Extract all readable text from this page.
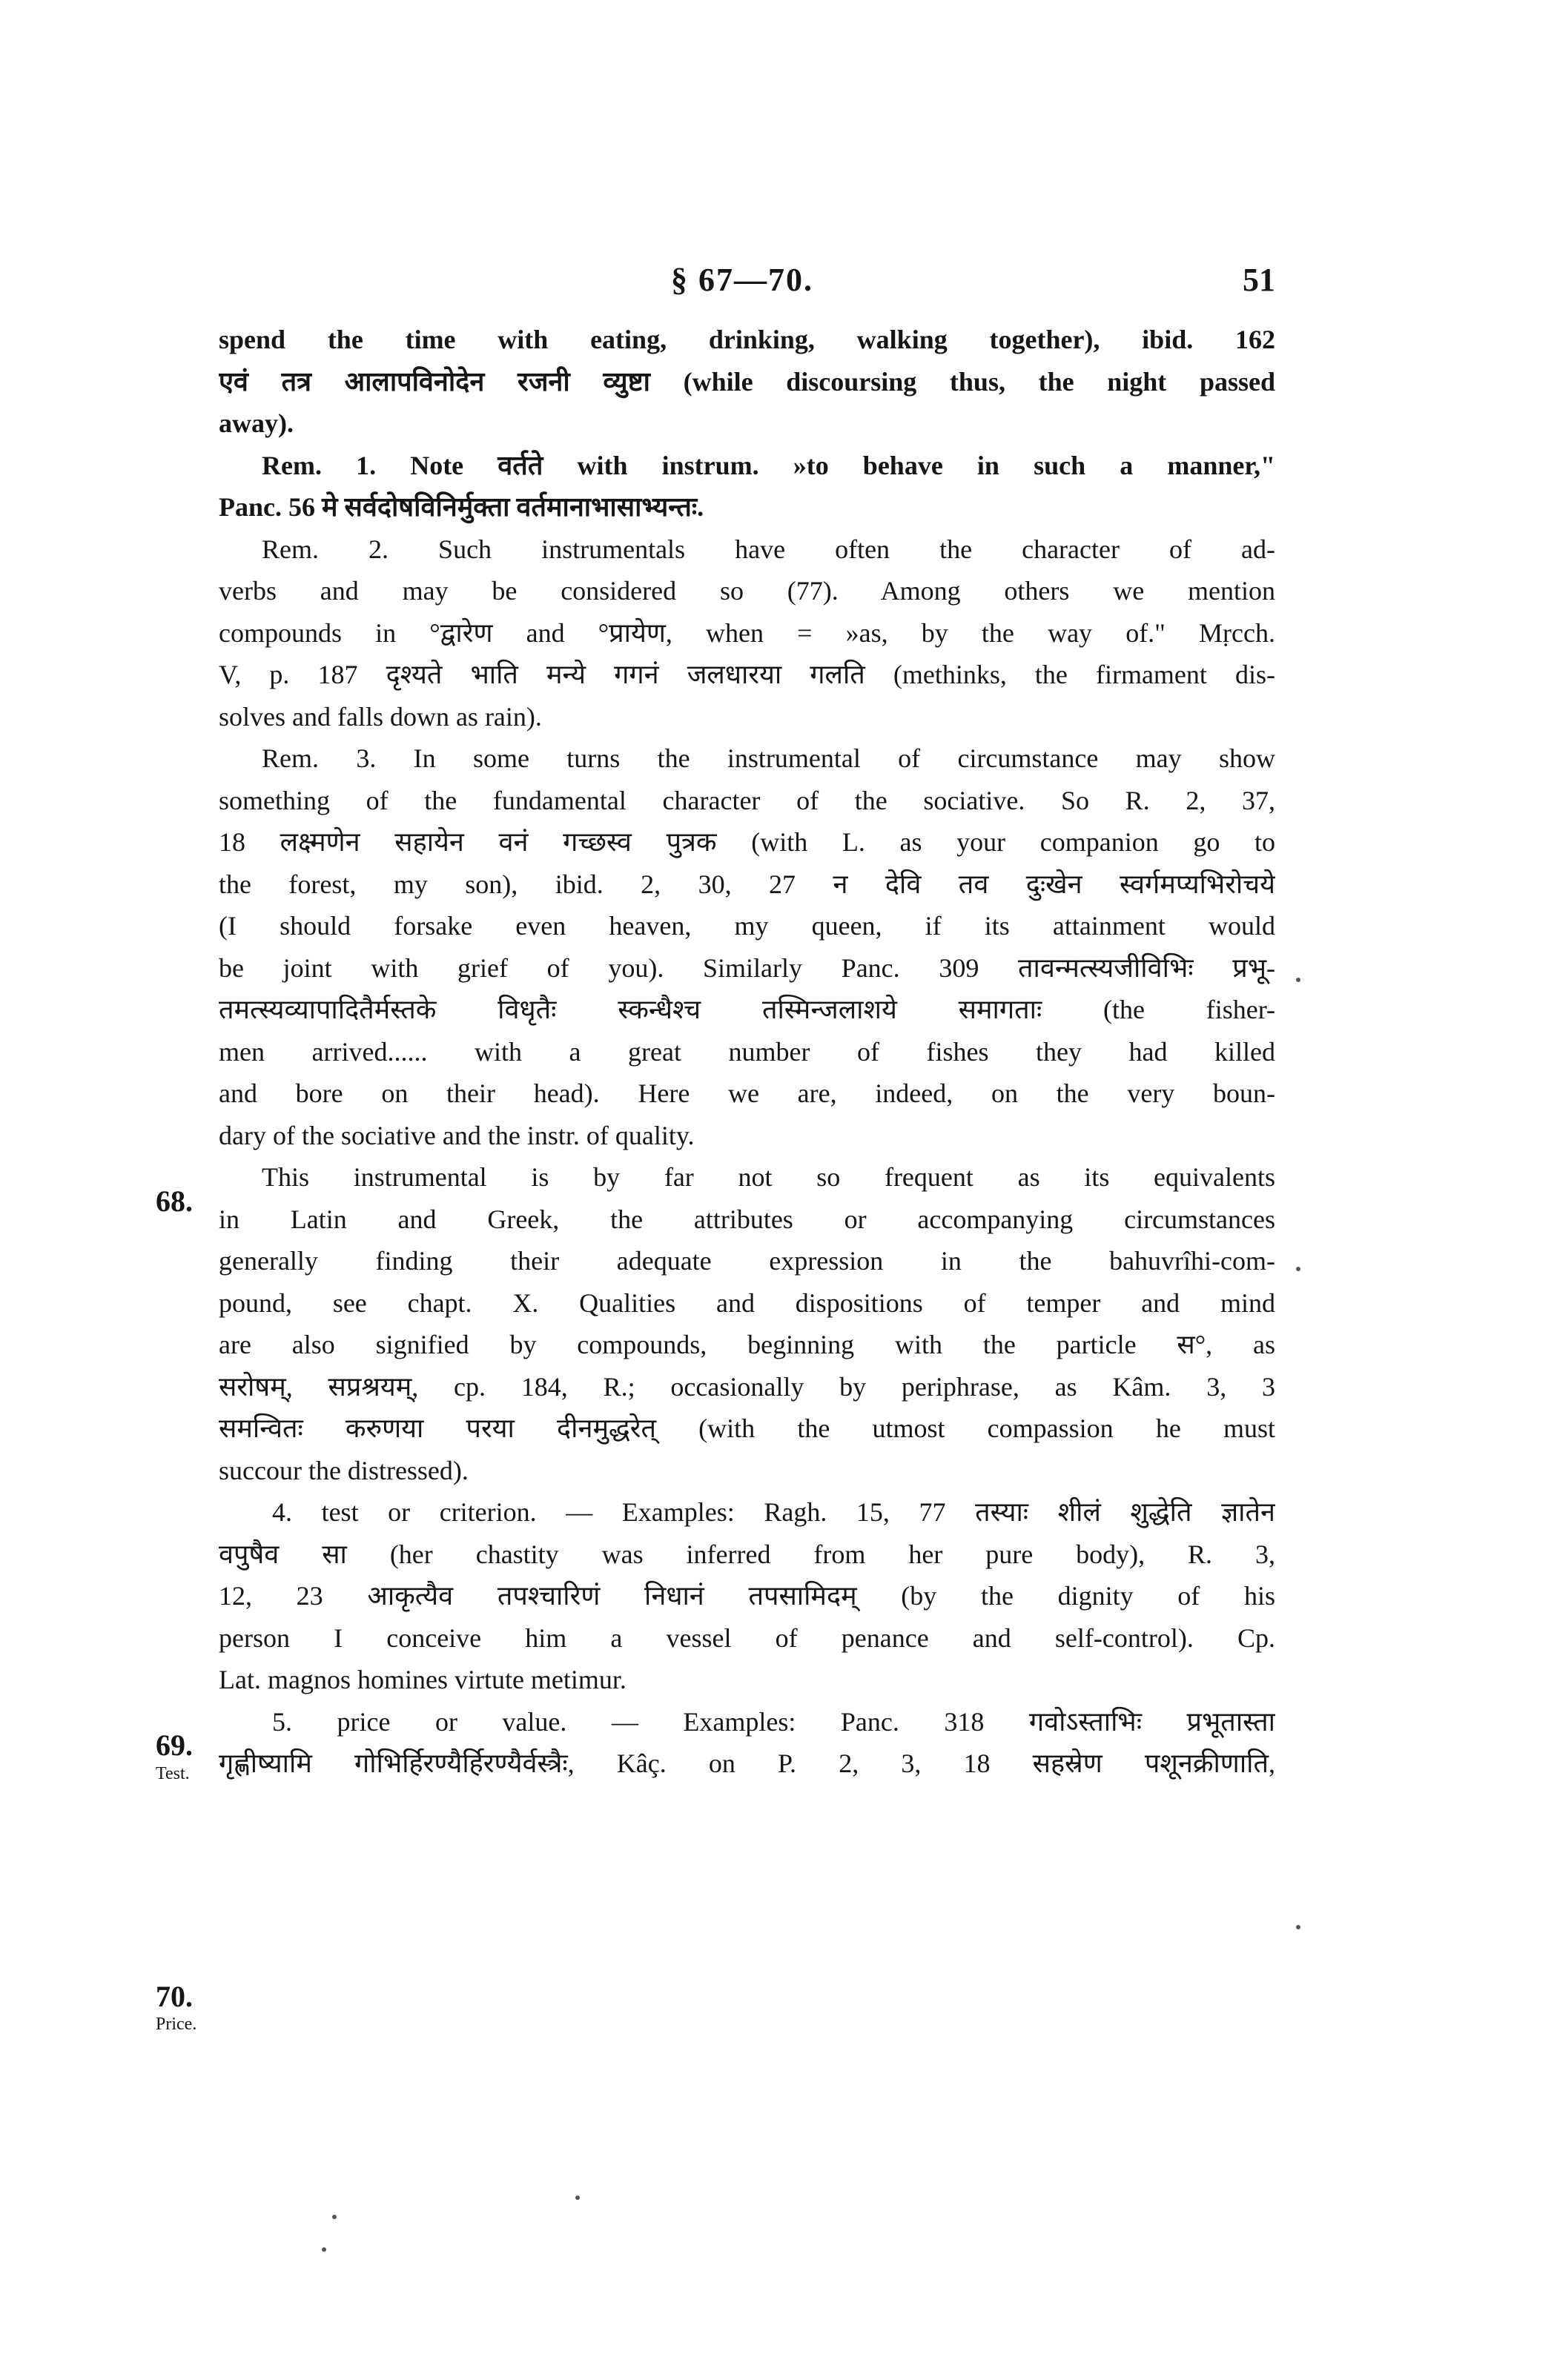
§ 67—70.	51
spend the time with eating, drinking, walking together), ibid. 162
एवं तत्र आलापविनोदेन रजनी व्युष्टा (while discoursing thus, the night passed
away).
Rem. 1. Note वर्तते with instrum. »to behave in such a manner,"
Panc. 56 मे सर्वदोषविनिर्मुक्ता वर्तमानाभासाभ्यन्तः.
Rem. 2. Such instrumentals have often the character of ad-
verbs and may be considered so (77). Among others we mention
compounds in °द्वारेण and °प्रायेण, when = »as, by the way of." Mṛcch.
V, p. 187 दृश्यते भाति मन्ये गगनं जलधारया गलति (methinks, the firmament dis-
solves and falls down as rain).
Rem. 3. In some turns the instrumental of circumstance may show
something of the fundamental character of the sociative. So R. 2, 37,
18 लक्ष्मणेन सहायेन वनं गच्छस्व पुत्रक (with L. as your companion go to
the forest, my son), ibid. 2, 30, 27 न देवि तव दुःखेन स्वर्गमप्यभिरोचये
(I should forsake even heaven, my queen, if its attainment would
be joint with grief of you). Similarly Panc. 309 तावन्मत्स्यजीविभिः प्रभू-
तमत्स्यव्यापादितैर्मस्तके विधृतैः स्कन्धैश्च तस्मिन्जलाशये समागताः (the fisher-
men arrived...... with a great number of fishes they had killed
and bore on their head). Here we are, indeed, on the very boun-
dary of the sociative and the instr. of quality.
This instrumental is by far not so frequent as its equivalents
in Latin and Greek, the attributes or accompanying circumstances
generally finding their adequate expression in the bahuvrîhi-com-
pound, see chapt. X. Qualities and dispositions of temper and mind
are also signified by compounds, beginning with the particle स°, as
सरोषम्, सप्रश्रयम्, cp. 184, R.; occasionally by periphrase, as Kâm. 3, 3
समन्वितः करुणया परया दीनमुद्धरेत् (with the utmost compassion he must
succour the distressed).
4. test or criterion. — Examples: Ragh. 15, 77 तस्याः शीलं शुद्धेति ज्ञातेन
वपुषैव सा (her chastity was inferred from her pure body), R. 3,
12, 23 आकृत्यैव तपश्चारिणं निधानं तपसामिदम् (by the dignity of his
person I conceive him a vessel of penance and self-control). Cp.
Lat. magnos homines virtute metimur.
5. price or value. — Examples: Panc. 318 गवोऽस्ताभिः प्रभूतास्ता
गृह्णीष्यामि गोभिर्हिरण्यैर्हिरण्यैर्वस्त्रैः, Kâç. on P. 2, 3, 18 सहस्रेण पशूनक्रीणाति,
68.
69.
Test.
70.
Price.
